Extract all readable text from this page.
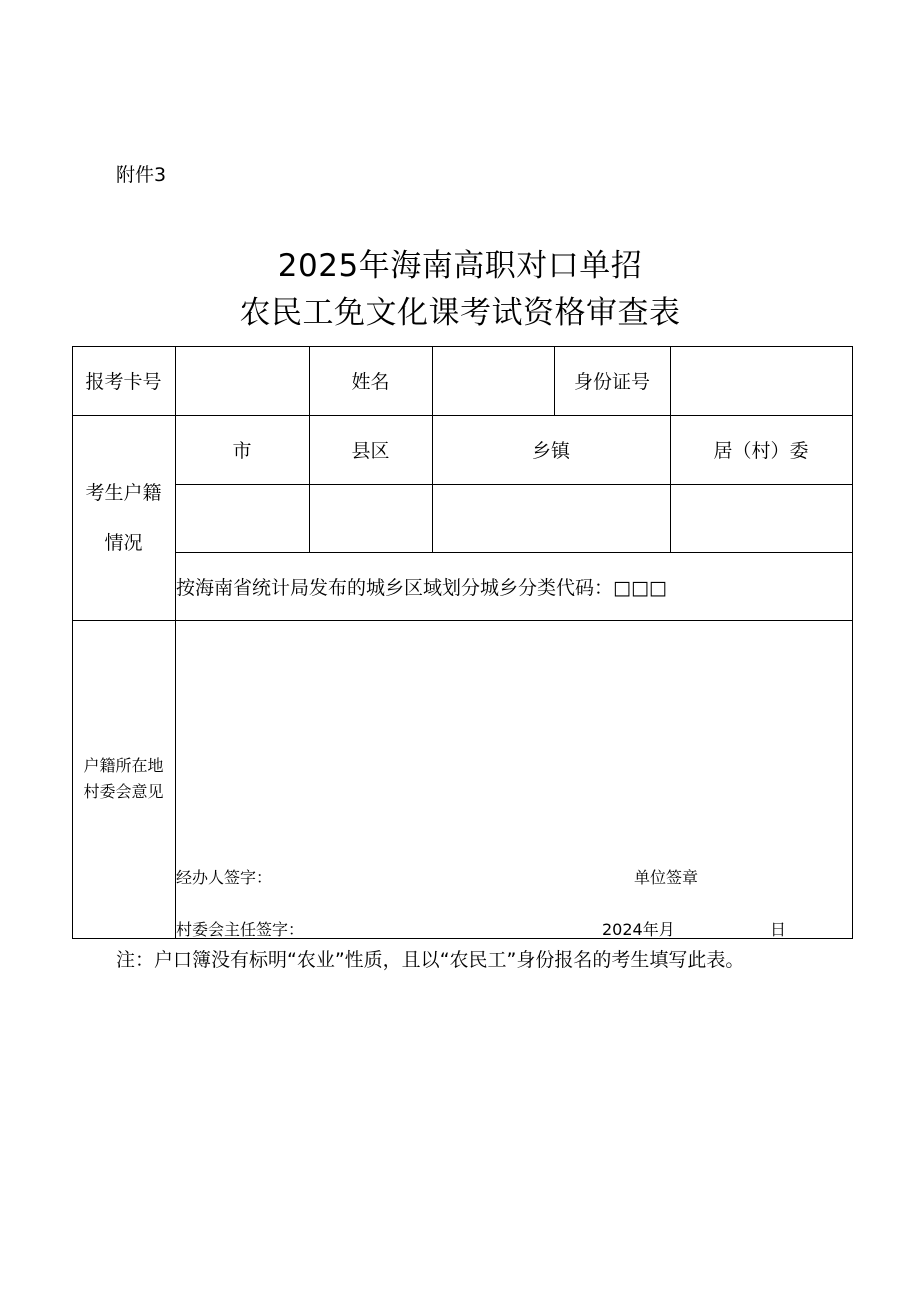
附件3
2025年海南高职对口单招
农民工免文化课考试资格审查表
报考卡号	姓名	身份证号
考生户籍
情况
市	县区	乡镇	居（村）委
按海南省统计局发布的城乡区域划分城乡分类代码：□□□
户籍所在地
村委会意见
经办人签字：	单位签章
村委会主任签字：	2024年月	日
注：户口簿没有标明“农业”性质，且以“农民工”身份报名的考生填写此表。
